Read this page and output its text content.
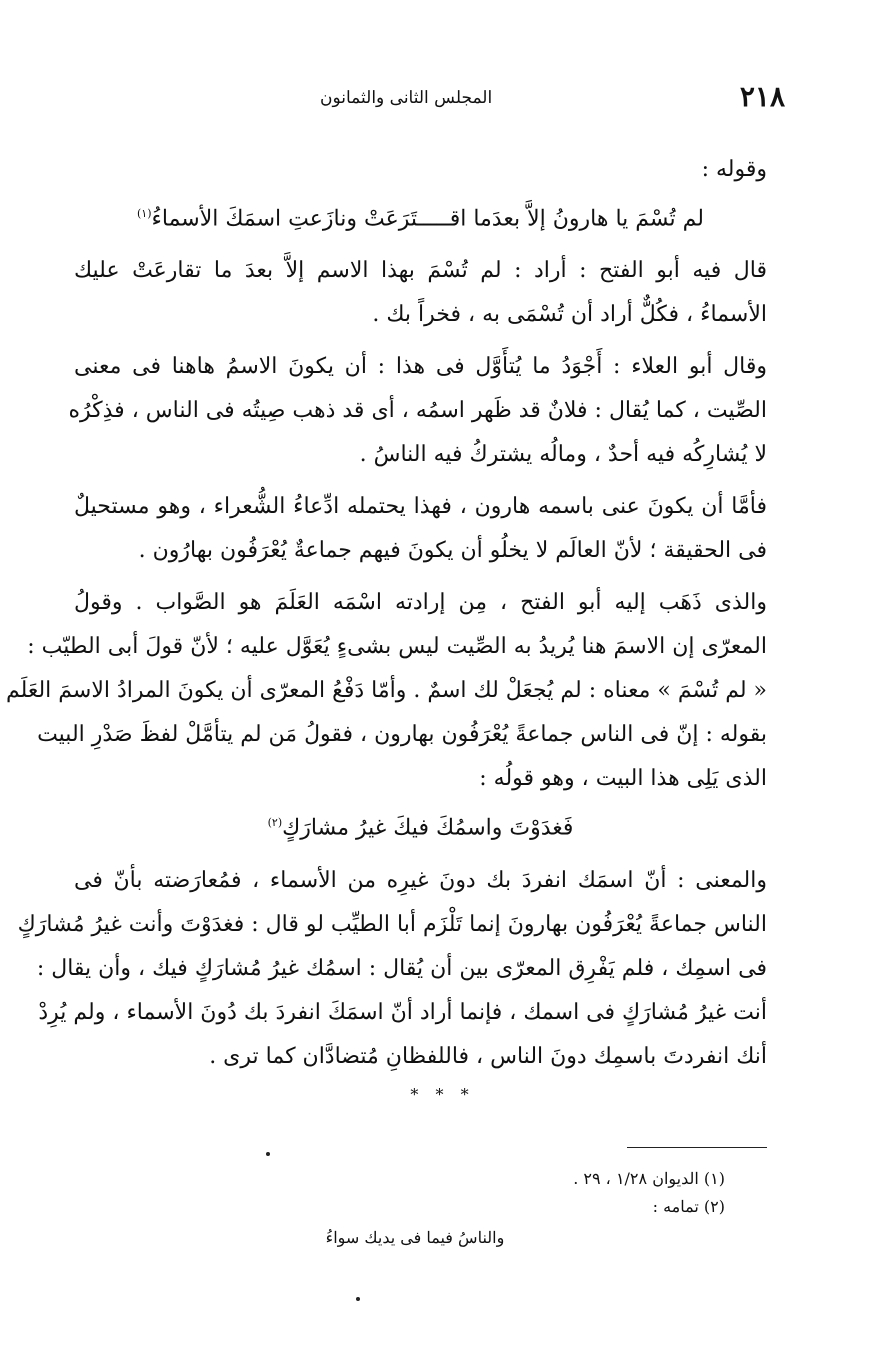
٢١٨
المجلس الثانى والثمانون
وقوله :
لم تُسْمَ يا هارونُ إلاَّ بعدَما اقـــــتَرَعَتْ ونازَعتِ اسمَكَ الأسماءُ$^{(١)}$
قال فيه أبو الفتح : أراد : لم تُسْمَ بهذا الاسم إلاَّ بعدَ ما تقارعَتْ عليك
الأسماءُ ، فكُلٌّ أراد أن تُسْمَى به ، فخراً بك .
وقال أبو العلاء : أَجْوَدُ ما يُتأَوَّل فى هذا : أن يكونَ الاسمُ هاهنا فى معنى
الصِّيت ، كما يُقال : فلانٌ قد ظَهر اسمُه ، أى قد ذهب صِيتُه فى الناس ، فذِكْرُه
لا يُشارِكُه فيه أحدٌ ، ومالُه يشتركُ فيه الناسُ .
فأمَّا أن يكونَ عنى باسمه هارون ، فهذا يحتمله ادِّعاءُ الشُّعراء ، وهو مستحيلٌ
فى الحقيقة ؛ لأنّ العالَم لا يخلُو أن يكونَ فيهم جماعةٌ يُعْرَفُون بهارُون .
والذى ذَهَب إليه أبو الفتح ، مِن إرادته اسْمَه العَلَمَ هو الصَّواب . وقولُ
المعرّى إن الاسمَ هنا يُريدُ به الصِّيت ليس بشىءٍ يُعَوَّل عليه ؛ لأنّ قولَ أبى الطيّب :
« لم تُسْمَ » معناه : لم يُجعَلْ لك اسمٌ . وأمّا دَفْعُ المعرّى أن يكونَ المرادُ الاسمَ العَلَم
بقوله : إنّ فى الناس جماعةً يُعْرَفُون بهارون ، فقولُ مَن لم يتأمَّلْ لفظَ صَدْرِ البيت
الذى يَلِى هذا البيت ، وهو قولُه :
فَغدَوْتَ واسمُكَ فيكَ غيرُ مشارَكٍ$^{(٢)}$
والمعنى : أنّ اسمَك انفردَ بك دونَ غيرِه من الأسماء ، فمُعارَضته بأنّ فى
الناس جماعةً يُعْرَفُون بهارونَ إنما تَلْزَم أبا الطيِّب لو قال : فغدَوْتَ وأنت غيرُ مُشارَكٍ
فى اسمِك ، فلم يَفْرِق المعرّى بين أن يُقال : اسمُك غيرُ مُشارَكٍ فيك ، وأن يقال :
أنت غيرُ مُشارَكٍ فى اسمك ، فإنما أراد أنّ اسمَكَ انفردَ بك دُونَ الأسماء ، ولم يُرِدْ
أنك انفردتَ باسمِك دونَ الناس ، فاللفظانِ مُتضادَّان كما ترى .
* * *
(١) الديوان ١/٢٨ ، ٢٩ .
(٢) تمامه :
والناسُ فيما فى يديك سواءُ
